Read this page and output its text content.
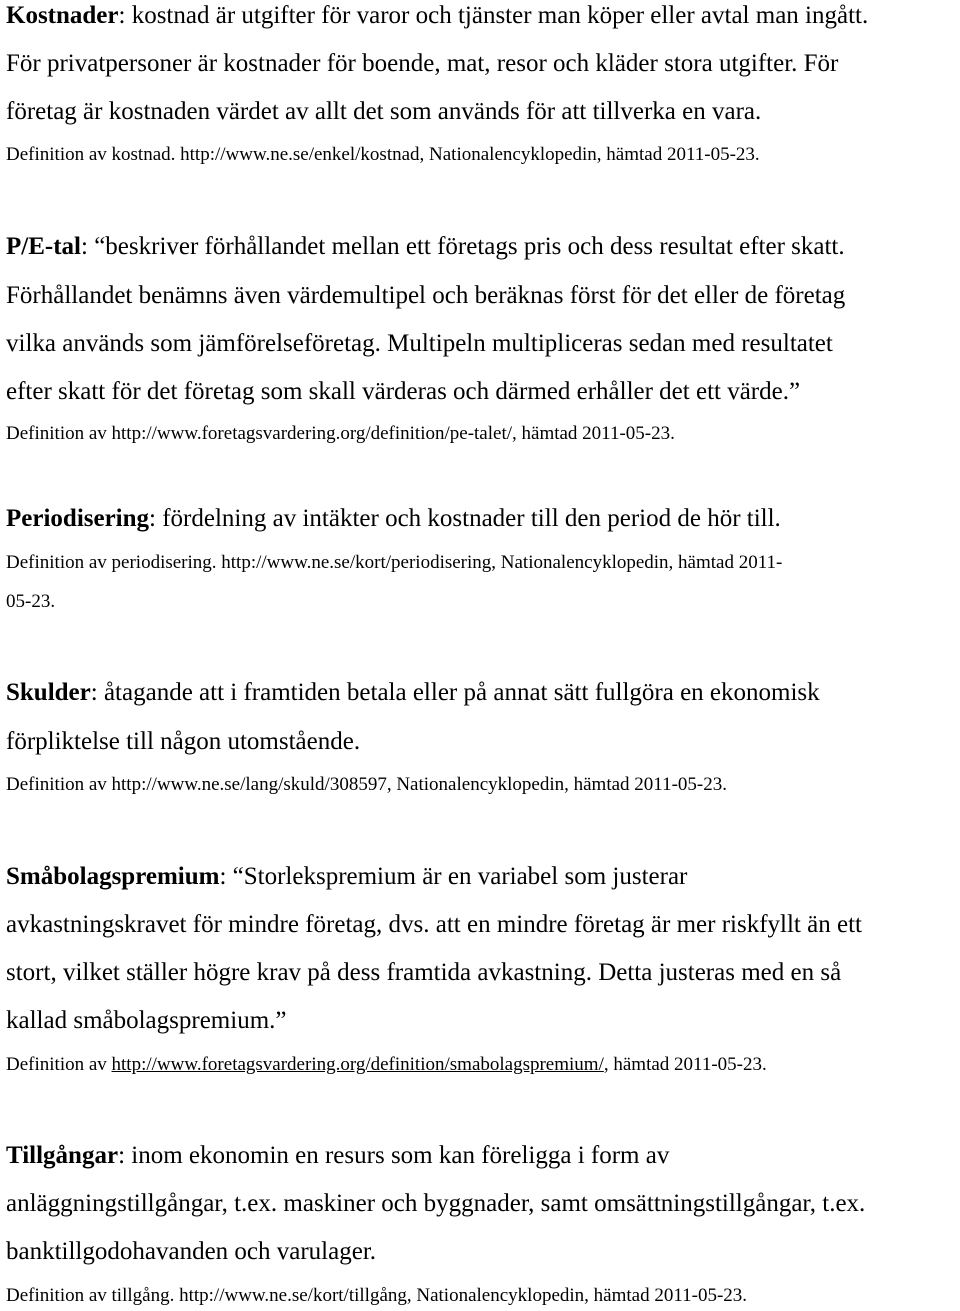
Kostnader: kostnad är utgifter för varor och tjänster man köper eller avtal man ingått.
För privatpersoner är kostnader för boende, mat, resor och kläder stora utgifter. För
företag är kostnaden värdet av allt det som används för att tillverka en vara.
Definition av kostnad. http://www.ne.se/enkel/kostnad, Nationalencyklopedin, hämtad 2011-05-23.
P/E-tal: “beskriver förhållandet mellan ett företags pris och dess resultat efter skatt.
Förhållandet benämns även värdemultipel och beräknas först för det eller de företag
vilka används som jämförelseföretag. Multipeln multipliceras sedan med resultatet
efter skatt för det företag som skall värderas och därmed erhåller det ett värde.”
Definition av http://www.foretagsvardering.org/definition/pe-talet/, hämtad 2011-05-23.
Periodisering: fördelning av intäkter och kostnader till den period de hör till.
Definition av periodisering. http://www.ne.se/kort/periodisering, Nationalencyklopedin, hämtad 2011-
05-23.
Skulder: åtagande att i framtiden betala eller på annat sätt fullgöra en ekonomisk
förpliktelse till någon utomstående.
Definition av http://www.ne.se/lang/skuld/308597, Nationalencyklopedin, hämtad 2011-05-23.
Småbolagspremium: “Storlekspremium är en variabel som justerar
avkastningskravet för mindre företag, dvs. att en mindre företag är mer riskfyllt än ett
stort, vilket ställer högre krav på dess framtida avkastning. Detta justeras med en så
kallad småbolagspremium.”
Definition av http://www.foretagsvardering.org/definition/smabolagspremium/, hämtad 2011-05-23.
Tillgångar: inom ekonomin en resurs som kan föreligga i form av
anläggningstillgångar, t.ex. maskiner och byggnader, samt omsättningstillgångar, t.ex.
banktillgodohavanden och varulager.
Definition av tillgång. http://www.ne.se/kort/tillgång, Nationalencyklopedin, hämtad 2011-05-23.
